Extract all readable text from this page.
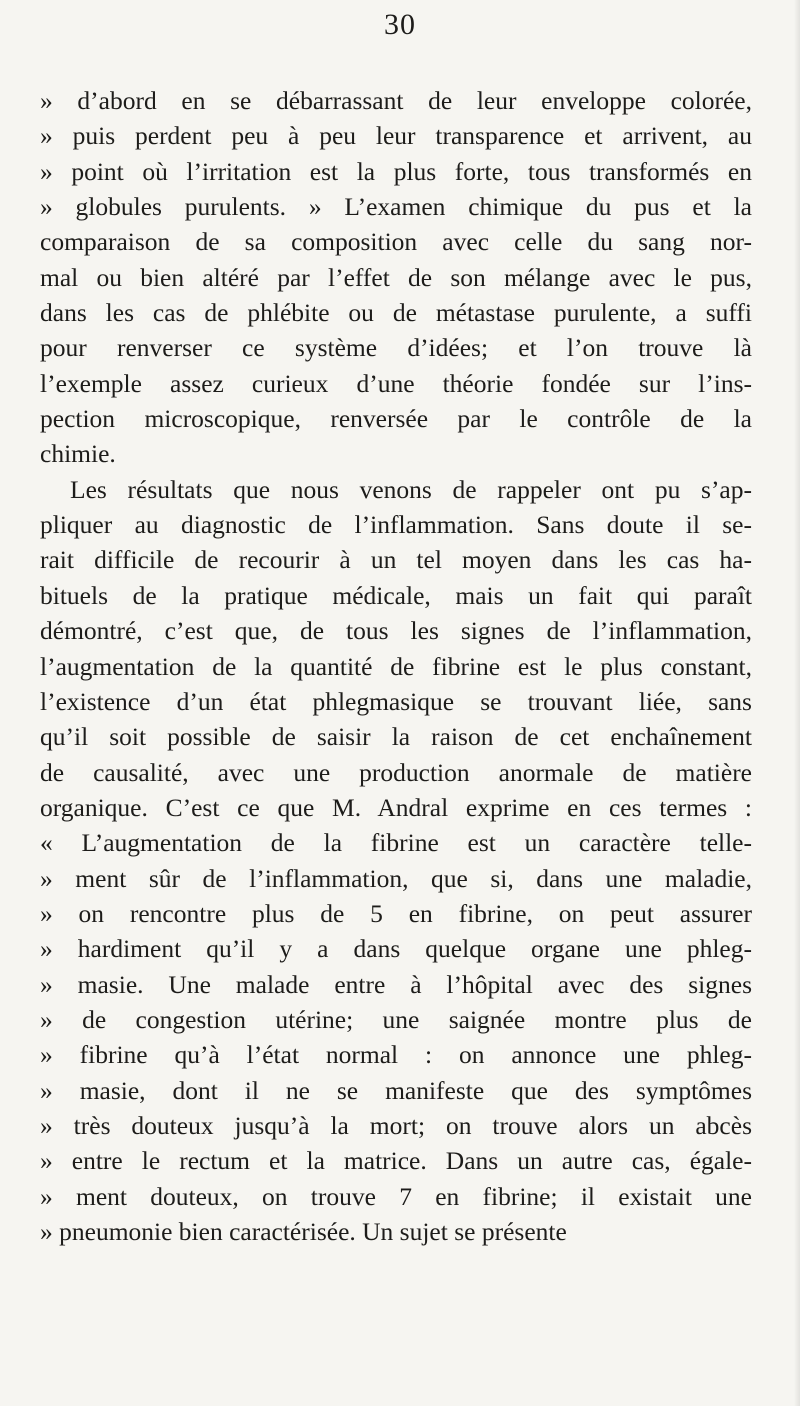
30
» d’abord en se débarrassant de leur enveloppe colorée,
» puis perdent peu à peu leur transparence et arrivent, au
» point où l’irritation est la plus forte, tous transformés en
» globules purulents. » L’examen chimique du pus et la
comparaison de sa composition avec celle du sang nor-
mal ou bien altéré par l’effet de son mélange avec le pus,
dans les cas de phlébite ou de métastase purulente, a suffi
pour renverser ce système d’idées; et l’on trouve là
l’exemple assez curieux d’une théorie fondée sur l’ins-
pection microscopique, renversée par le contrôle de la
chimie.
Les résultats que nous venons de rappeler ont pu s’ap-
pliquer au diagnostic de l’inflammation. Sans doute il se-
rait difficile de recourir à un tel moyen dans les cas ha-
bituels de la pratique médicale, mais un fait qui paraît
démontré, c’est que, de tous les signes de l’inflammation,
l’augmentation de la quantité de fibrine est le plus constant,
l’existence d’un état phlegmasique se trouvant liée, sans
qu’il soit possible de saisir la raison de cet enchaînement
de causalité, avec une production anormale de matière
organique. C’est ce que M. Andral exprime en ces termes :
« L’augmentation de la fibrine est un caractère telle-
» ment sûr de l’inflammation, que si, dans une maladie,
» on rencontre plus de 5 en fibrine, on peut assurer
» hardiment qu’il y a dans quelque organe une phleg-
» masie. Une malade entre à l’hôpital avec des signes
» de congestion utérine; une saignée montre plus de
» fibrine qu’à l’état normal : on annonce une phleg-
» masie, dont il ne se manifeste que des symptômes
» très douteux jusqu’à la mort; on trouve alors un abcès
» entre le rectum et la matrice. Dans un autre cas, égale-
» ment douteux, on trouve 7 en fibrine; il existait une
» pneumonie bien caractérisée. Un sujet se présente
